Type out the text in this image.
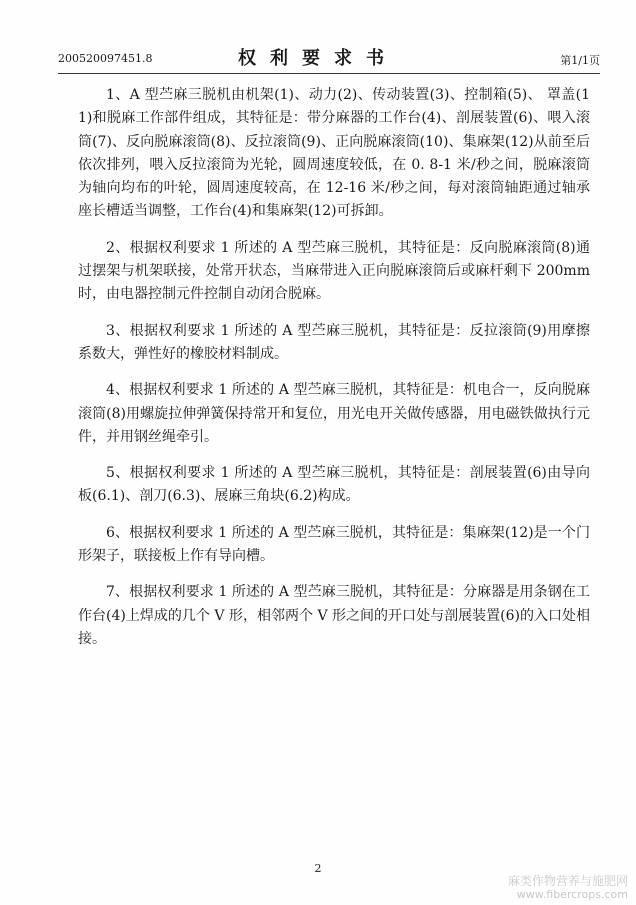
200520097451.8	权利要求书	第1/1页

1、A 型苎麻三脱机由机架(1)、动力(2)、传动装置(3)、控制箱(5)、 罩盖(11)和脱麻工作部件组成，其特征是：带分麻器的工作台(4)、剖展装置(6)、喂入滚筒(7)、反向脱麻滚筒(8)、反拉滚筒(9)、正向脱麻滚筒(10)、集麻架(12)从前至后依次排列，喂入反拉滚筒为光轮，圆周速度较低，在 0. 8-1 米/秒之间，脱麻滚筒为轴向均布的叶轮，圆周速度较高，在 12-16 米/秒之间，每对滚筒轴距通过轴承座长槽适当调整，工作台(4)和集麻架(12)可拆卸。

2、根据权利要求 1 所述的 A 型苎麻三脱机，其特征是：反向脱麻滚筒(8)通过摆架与机架联接，处常开状态，当麻带进入正向脱麻滚筒后或麻杆剩下 200mm 时，由电器控制元件控制自动闭合脱麻。

3、根据权利要求 1 所述的 A 型苎麻三脱机，其特征是：反拉滚筒(9)用摩擦系数大，弹性好的橡胶材料制成。

4、根据权利要求 1 所述的 A 型苎麻三脱机，其特征是：机电合一，反向脱麻滚筒(8)用螺旋拉伸弹簧保持常开和复位，用光电开关做传感器，用电磁铁做执行元件，并用钢丝绳牵引。

5、根据权利要求 1 所述的 A 型苎麻三脱机，其特征是：剖展装置(6)由导向板(6.1)、剖刀(6.3)、展麻三角块(6.2)构成。

6、根据权利要求 1 所述的 A 型苎麻三脱机，其特征是：集麻架(12)是一个门形架子，联接板上作有导向槽。

7、根据权利要求 1 所述的 A 型苎麻三脱机，其特征是：分麻器是用条钢在工作台(4)上焊成的几个 V 形，相邻两个 V 形之间的开口处与剖展装置(6)的入口处相接。

2
麻类作物营养与施肥网
www.fibercrops.com
